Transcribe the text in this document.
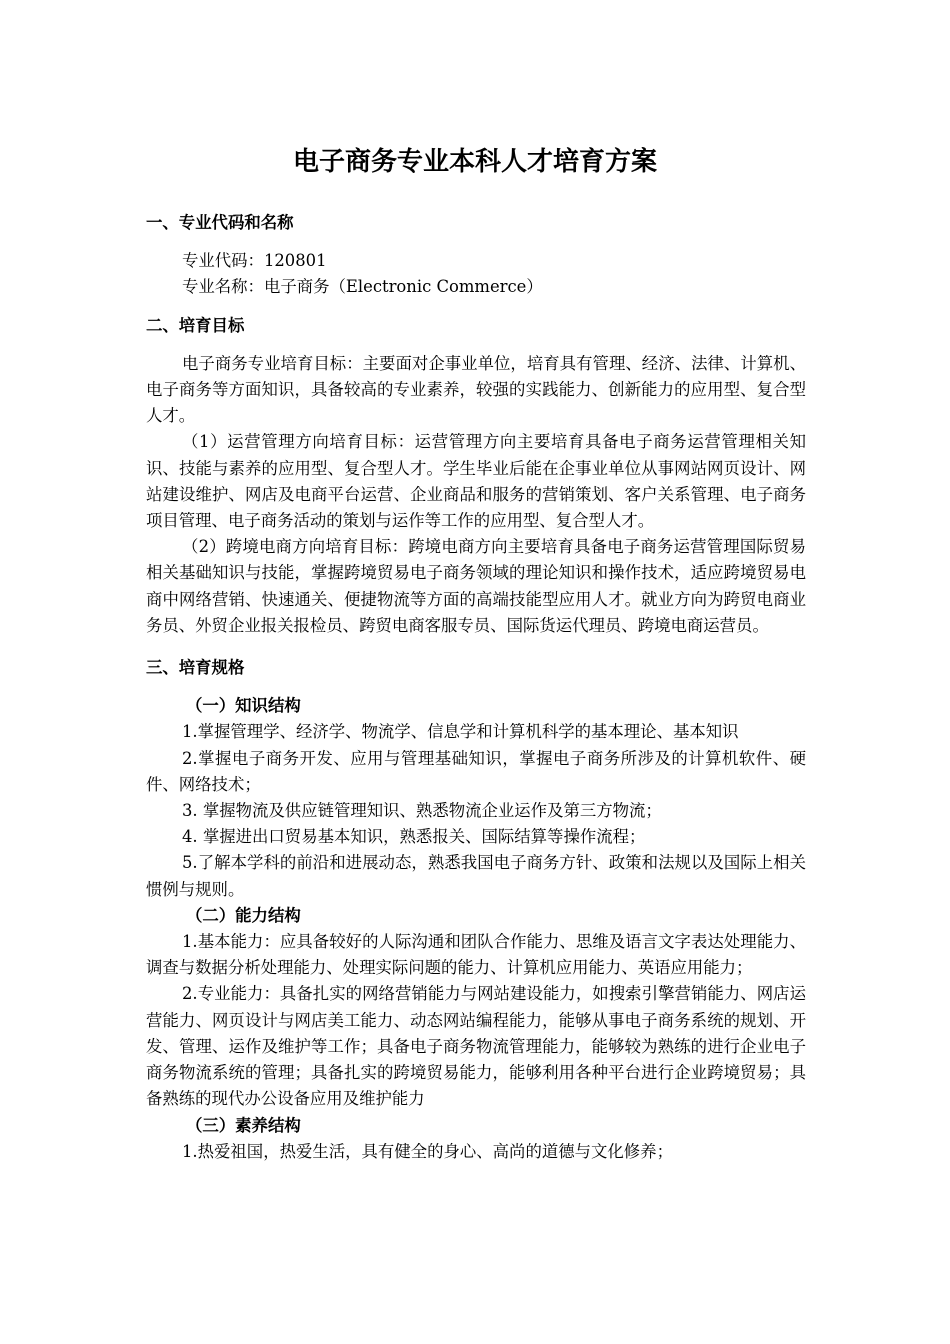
电子商务专业本科人才培育方案

一、专业代码和名称

专业代码：120801

专业名称：电子商务（Electronic Commerce）

二、培育目标

电子商务专业培育目标：主要面对企事业单位，培育具有管理、经济、法律、计算机、电子商务等方面知识，具备较高的专业素养，较强的实践能力、创新能力的应用型、复合型人才。

（1）运营管理方向培育目标：运营管理方向主要培育具备电子商务运营管理相关知识、技能与素养的应用型、复合型人才。学生毕业后能在企事业单位从事网站网页设计、网站建设维护、网店及电商平台运营、企业商品和服务的营销策划、客户关系管理、电子商务项目管理、电子商务活动的策划与运作等工作的应用型、复合型人才。

（2）跨境电商方向培育目标：跨境电商方向主要培育具备电子商务运营管理国际贸易相关基础知识与技能，掌握跨境贸易电子商务领域的理论知识和操作技术，适应跨境贸易电商中网络营销、快速通关、便捷物流等方面的高端技能型应用人才。就业方向为跨贸电商业务员、外贸企业报关报检员、跨贸电商客服专员、国际货运代理员、跨境电商运营员。

三、培育规格

（一）知识结构

1.掌握管理学、经济学、物流学、信息学和计算机科学的基本理论、基本知识

2.掌握电子商务开发、应用与管理基础知识，掌握电子商务所涉及的计算机软件、硬件、网络技术；

3. 掌握物流及供应链管理知识、熟悉物流企业运作及第三方物流；

4. 掌握进出口贸易基本知识，熟悉报关、国际结算等操作流程；

5.了解本学科的前沿和进展动态，熟悉我国电子商务方针、政策和法规以及国际上相关惯例与规则。

（二）能力结构

1.基本能力：应具备较好的人际沟通和团队合作能力、思维及语言文字表达处理能力、调查与数据分析处理能力、处理实际问题的能力、计算机应用能力、英语应用能力；

2.专业能力：具备扎实的网络营销能力与网站建设能力，如搜索引擎营销能力、网店运营能力、网页设计与网店美工能力、动态网站编程能力，能够从事电子商务系统的规划、开发、管理、运作及维护等工作；具备电子商务物流管理能力，能够较为熟练的进行企业电子商务物流系统的管理；具备扎实的跨境贸易能力，能够利用各种平台进行企业跨境贸易；具备熟练的现代办公设备应用及维护能力

（三）素养结构

1.热爱祖国，热爱生活，具有健全的身心、高尚的道德与文化修养；
